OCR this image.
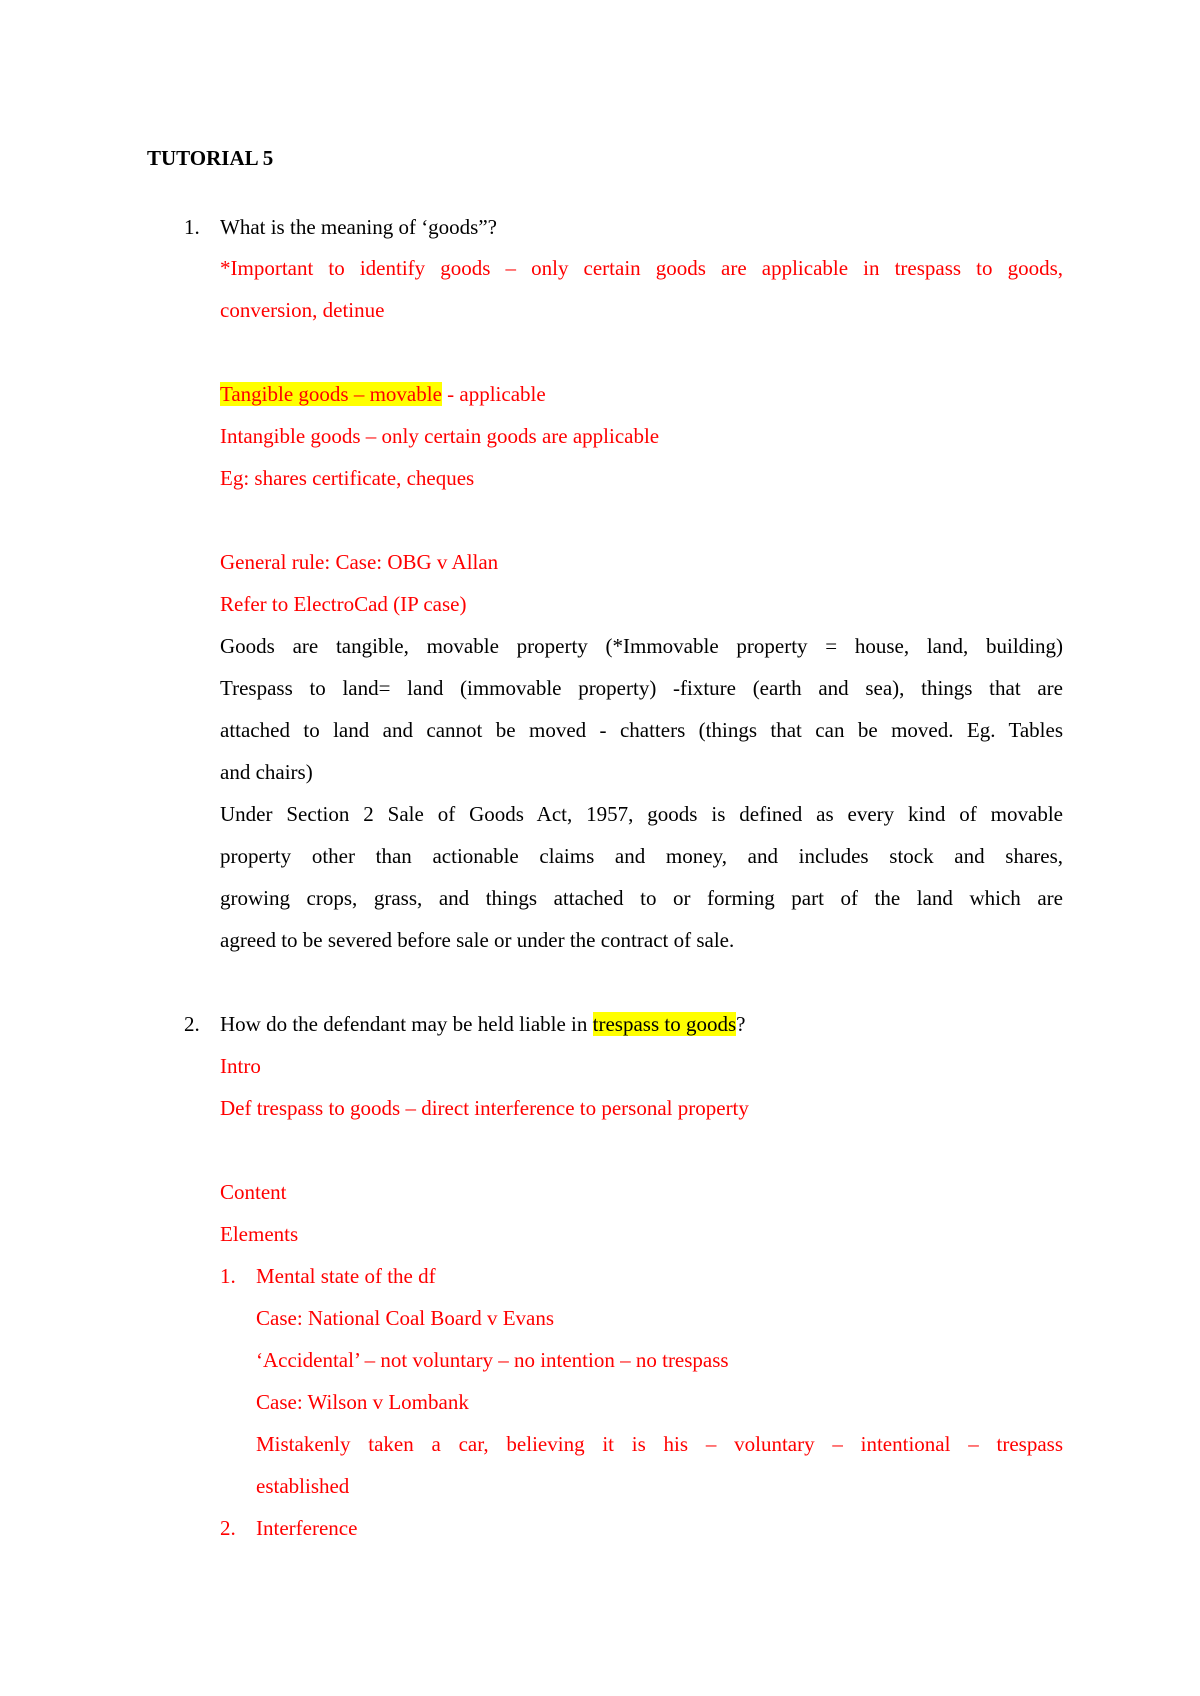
TUTORIAL 5
1. What is the meaning of ‘goods”?
*Important to identify goods – only certain goods are applicable in trespass to goods,
conversion, detinue
Tangible goods – movable - applicable
Intangible goods – only certain goods are applicable
Eg: shares certificate, cheques
General rule: Case: OBG v Allan
Refer to ElectroCad (IP case)
Goods are tangible, movable property (*Immovable property = house, land, building)
Trespass to land= land (immovable property) -fixture (earth and sea), things that are
attached to land and cannot be moved - chatters (things that can be moved. Eg. Tables
and chairs)
Under Section 2 Sale of Goods Act, 1957, goods is defined as every kind of movable
property other than actionable claims and money, and includes stock and shares,
growing crops, grass, and things attached to or forming part of the land which are
agreed to be severed before sale or under the contract of sale.
2. How do the defendant may be held liable in trespass to goods?
Intro
Def trespass to goods – direct interference to personal property
Content
Elements
1. Mental state of the df
Case: National Coal Board v Evans
‘Accidental’ – not voluntary – no intention – no trespass
Case: Wilson v Lombank
Mistakenly taken a car, believing it is his – voluntary – intentional – trespass
established
2. Interference
